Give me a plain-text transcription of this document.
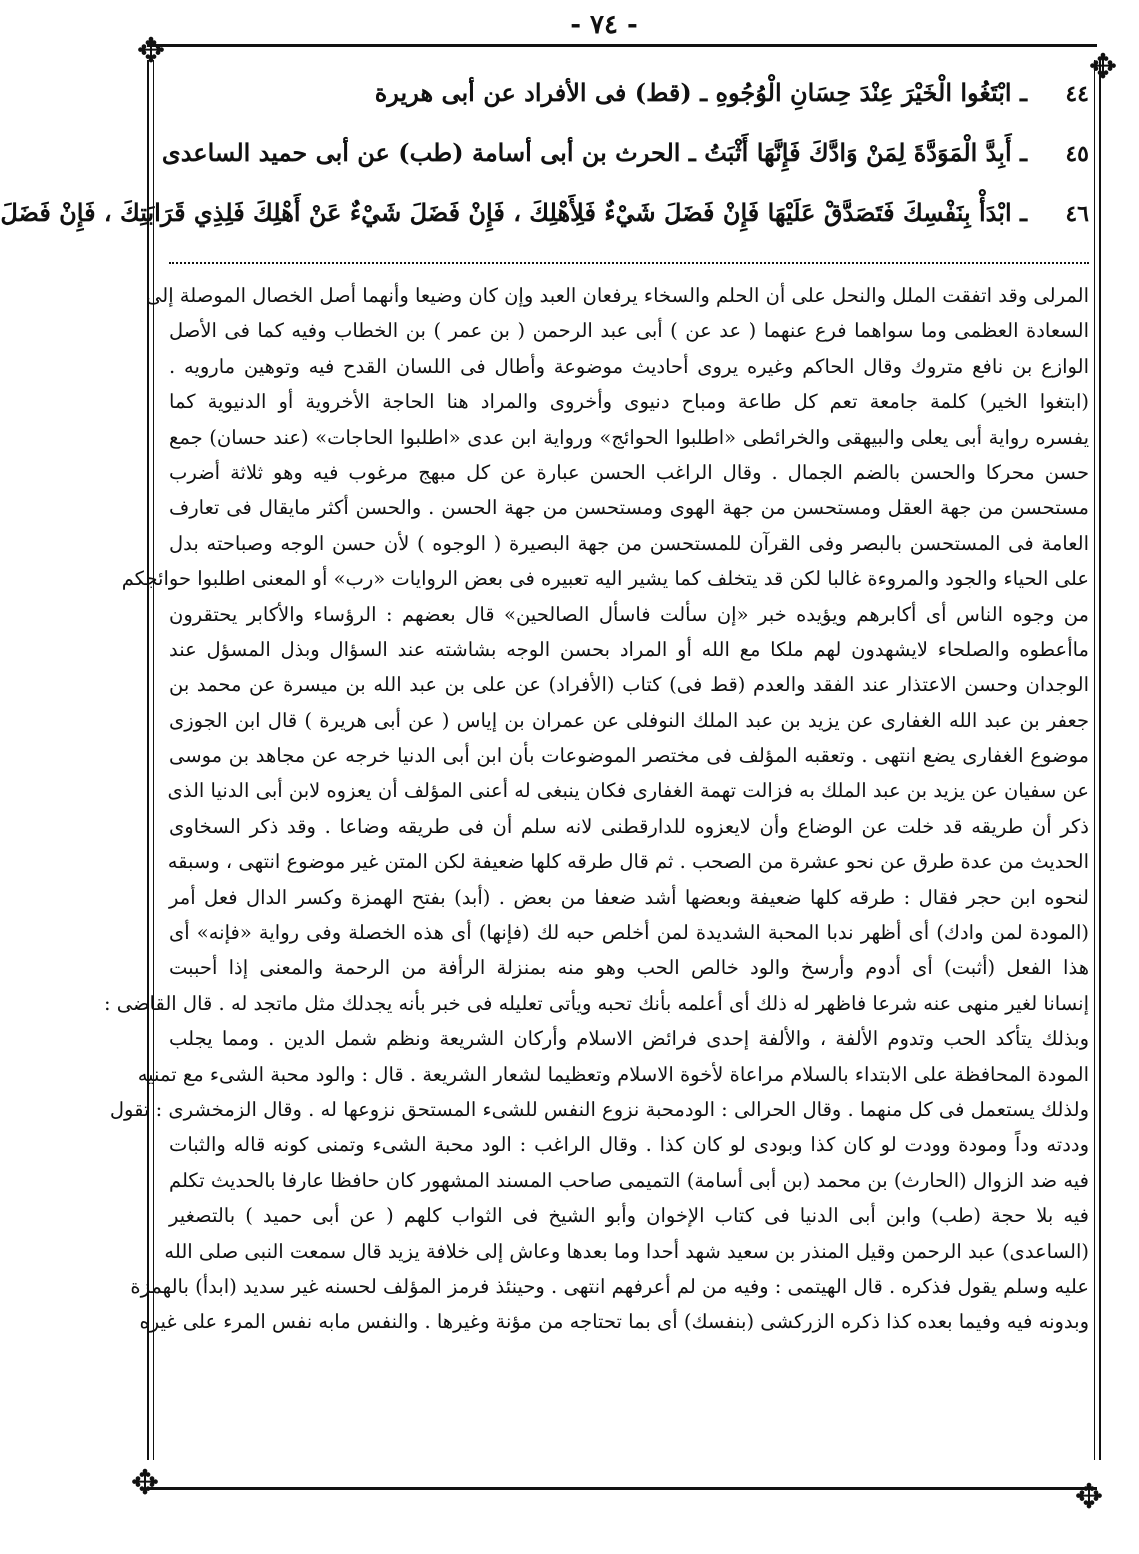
- ٧٤ -
✥	✥
✥	✥
٤٤
ـ ابْتَغُوا الْخَيْرَ عِنْدَ حِسَانِ الْوُجُوهِ ـ (قط) فى الأفراد عن أبى هريرة
٤٥
ـ أَبِدَّ الْمَوَدَّةَ لِمَنْ وَادَّكَ فَإِنَّهَا أَثْبَتُ ـ الحرث بن أبى أسامة (طب) عن أبى حميد الساعدى
٤٦
ـ ابْدَأْ بِنَفْسِكَ فَتَصَدَّقْ عَلَيْهَا فَإِنْ فَضَلَ شَيْءٌ فَلِأَهْلِكَ ، فَإِنْ فَضَلَ شَيْءٌ عَنْ أَهْلِكَ فَلِذِي قَرَابَتِكَ ، فَإِنْ فَضَلَ
المرلى وقد اتفقت الملل والنحل على أن الحلم والسخاء يرفعان العبد وإن كان وضيعا وأنهما أصل الخصال الموصلة إلى
السعادة العظمى وما سواهما فرع عنهما ( عد عن ) أبى عبد الرحمن ( بن عمر ) بن الخطاب وفيه كما فى الأصل
الوازع بن نافع متروك وقال الحاكم وغيره يروى أحاديث موضوعة وأطال فى اللسان القدح فيه وتوهين مارويه .
(ابتغوا الخير) كلمة جامعة تعم كل طاعة ومباح دنيوى وأخروى والمراد هنا الحاجة الأخروية أو الدنيوية كما
يفسره رواية أبى يعلى والبيهقى والخرائطى «اطلبوا الحوائج» ورواية ابن عدى «اطلبوا الحاجات» (عند حسان) جمع
حسن محركا والحسن بالضم الجمال . وقال الراغب الحسن عبارة عن كل مبهج مرغوب فيه وهو ثلاثة أضرب
مستحسن من جهة العقل ومستحسن من جهة الهوى ومستحسن من جهة الحسن . والحسن أكثر مايقال فى تعارف
العامة فى المستحسن بالبصر وفى القرآن للمستحسن من جهة البصيرة ( الوجوه ) لأن حسن الوجه وصباحته بدل
على الحياء والجود والمروءة غالبا لكن قد يتخلف كما يشير اليه تعبيره فى بعض الروايات «رب» أو المعنى اطلبوا حوائجكم
من وجوه الناس أى أكابرهم ويؤيده خبر «إن سألت فاسأل الصالحين» قال بعضهم : الرؤساء والأكابر يحتقرون
ماأعطوه والصلحاء لايشهدون لهم ملكا مع الله أو المراد بحسن الوجه بشاشته عند السؤال وبذل المسؤل عند
الوجدان وحسن الاعتذار عند الفقد والعدم (قط فى) كتاب (الأفراد) عن على بن عبد الله بن ميسرة عن محمد بن
جعفر بن عبد الله الغفارى عن يزيد بن عبد الملك النوفلى عن عمران بن إياس ( عن أبى هريرة ) قال ابن الجوزى
موضوع الغفارى يضع انتهى . وتعقبه المؤلف فى مختصر الموضوعات بأن ابن أبى الدنيا خرجه عن مجاهد بن موسى
عن سفيان عن يزيد بن عبد الملك به فزالت تهمة الغفارى فكان ينبغى له أعنى المؤلف أن يعزوه لابن أبى الدنيا الذى
ذكر أن طريقه قد خلت عن الوضاع وأن لايعزوه للدارقطنى لانه سلم أن فى طريقه وضاعا . وقد ذكر السخاوى
الحديث من عدة طرق عن نحو عشرة من الصحب . ثم قال طرقه كلها ضعيفة لكن المتن غير موضوع انتهى ، وسبقه
لنحوه ابن حجر فقال : طرقه كلها ضعيفة وبعضها أشد ضعفا من بعض . (أبد) بفتح الهمزة وكسر الدال فعل أمر
(المودة لمن وادك) أى أظهر ندبا المحبة الشديدة لمن أخلص حبه لك (فإنها) أى هذه الخصلة وفى رواية «فإنه» أى
هذا الفعل (أثبت) أى أدوم وأرسخ والود خالص الحب وهو منه بمنزلة الرأفة من الرحمة والمعنى إذا أحببت
إنسانا لغير منهى عنه شرعا فاظهر له ذلك أى أعلمه بأنك تحبه ويأتى تعليله فى خبر بأنه يجدلك مثل ماتجد له . قال القاضى :
وبذلك يتأكد الحب وتدوم الألفة ، والألفة إحدى فرائض الاسلام وأركان الشريعة ونظم شمل الدين . ومما يجلب
المودة المحافظة على الابتداء بالسلام مراعاة لأخوة الاسلام وتعظيما لشعار الشريعة . قال : والود محبة الشىء مع تمنيه
ولذلك يستعمل فى كل منهما . وقال الحرالى : الودمحبة نزوع النفس للشىء المستحق نزوعها له . وقال الزمخشرى : تقول
وددته وداً ومودة وودت لو كان كذا وبودى لو كان كذا . وقال الراغب : الود محبة الشىء وتمنى كونه قاله والثبات
فيه ضد الزوال (الحارث) بن محمد (بن أبى أسامة) التميمى صاحب المسند المشهور كان حافظا عارفا بالحديث تكلم
فيه بلا حجة (طب) وابن أبى الدنيا فى كتاب الإخوان وأبو الشيخ فى الثواب كلهم ( عن أبى حميد ) بالتصغير
(الساعدى) عبد الرحمن وقيل المنذر بن سعيد شهد أحدا وما بعدها وعاش إلى خلافة يزيد قال سمعت النبى صلى الله
عليه وسلم يقول فذكره . قال الهيتمى : وفيه من لم أعرفهم انتهى . وحينئذ فرمز المؤلف لحسنه غير سديد (ابدأ) بالهمزة
وبدونه فيه وفيما بعده كذا ذكره الزركشى (بنفسك) أى بما تحتاجه من مؤنة وغيرها . والنفس مابه نفس المرء على غيره
